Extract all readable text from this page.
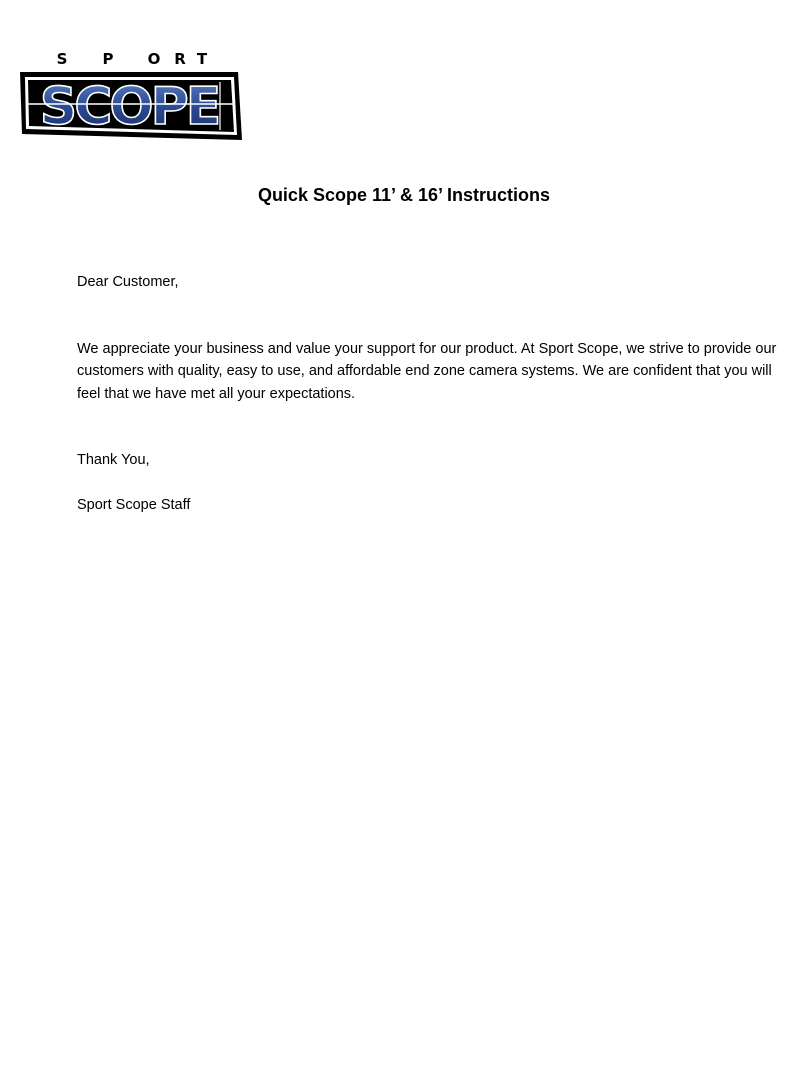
S P O R T
SCOPE
Quick Scope 11’ & 16’ Instructions

Dear Customer,

We appreciate your business and value your support for our product. At Sport Scope, we strive to provide our customers with quality, easy to use, and affordable end zone camera systems. We are confident that you will feel that we have met all your expectations.

Thank You,

Sport Scope Staff
